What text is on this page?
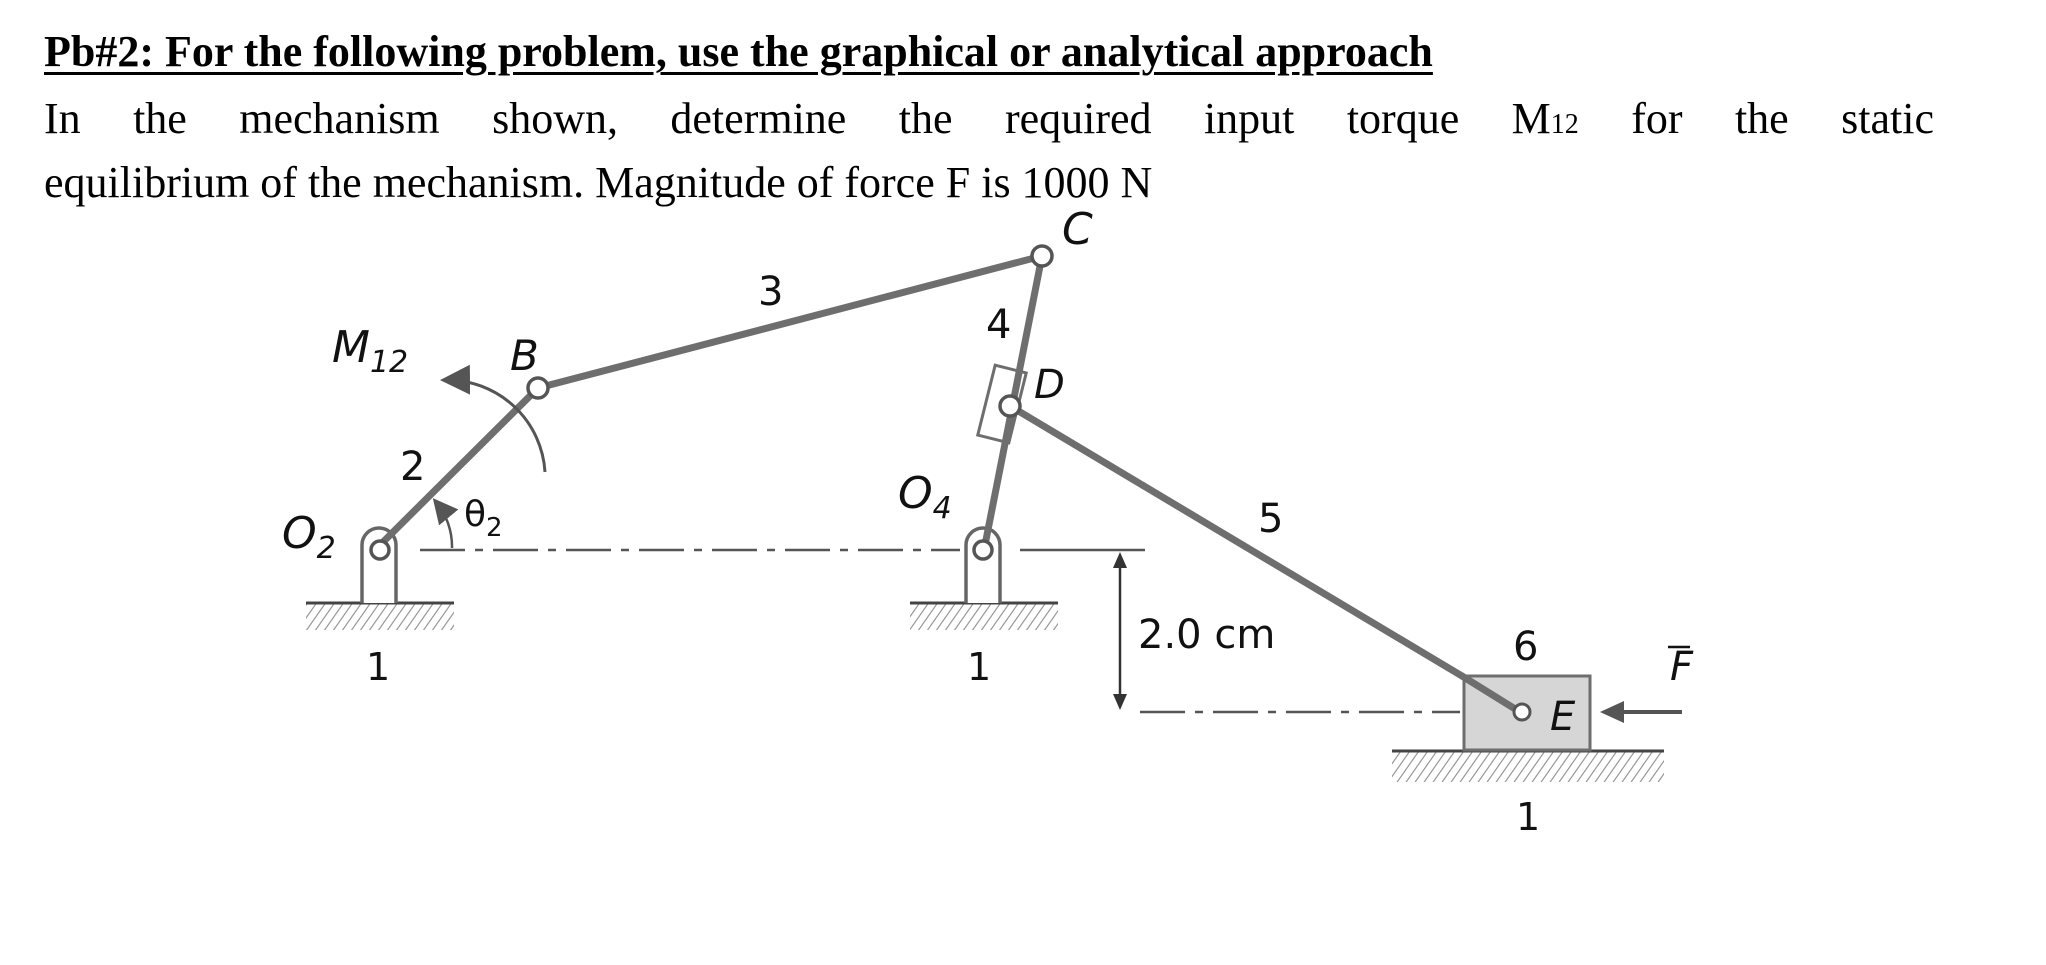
Pb#2: For the following problem, use the graphical or analytical approach
In the mechanism shown, determine the required input torque M12 for the static
equilibrium of the mechanism. Magnitude of force F is 1000 N
C
B
D
E
$O_2$
$O_4$
$M_{12}$
$\theta_2$
F
2
3
4
5
6
1	1
1
2.0 cm
